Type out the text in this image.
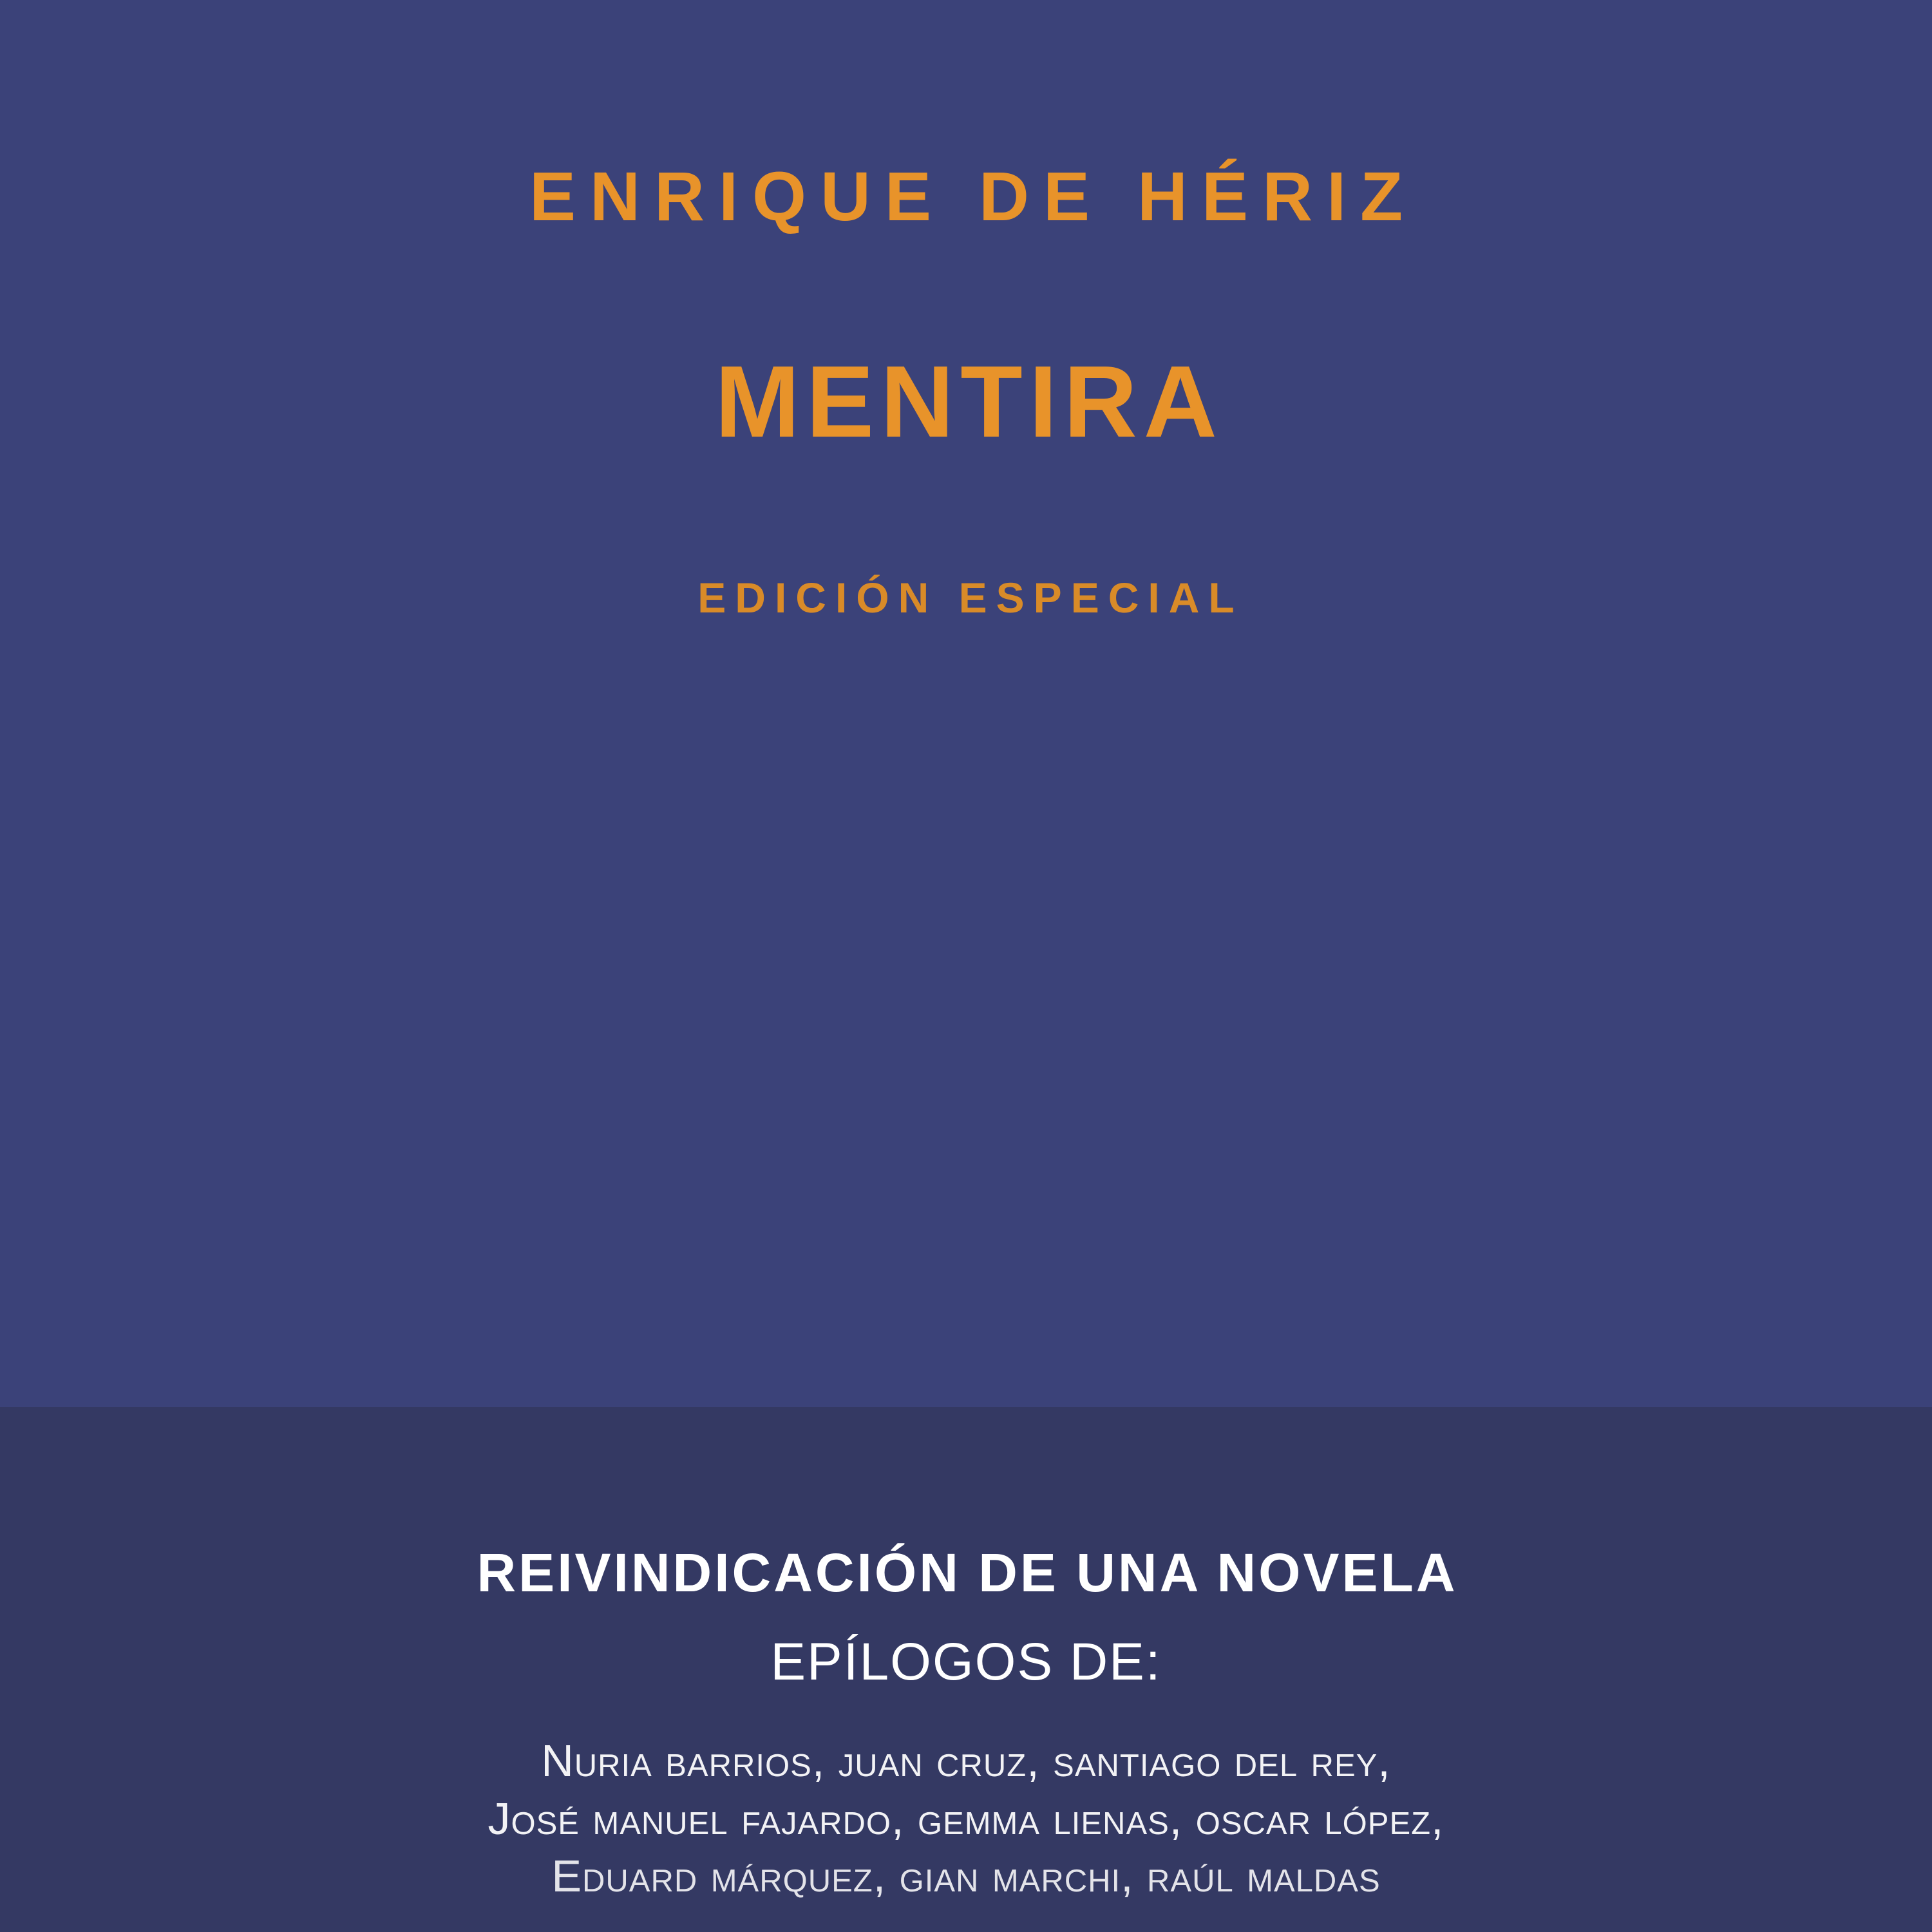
ENRIQUE DE HÉRIZ
MENTIRA
EDICIÓN ESPECIAL
REIVINDICACIÓN DE UNA NOVELA
EPÍLOGOS DE:
Nuria barrios, juan cruz, santiago del rey,
José manuel fajardo, gemma lienas, oscar lópez,
Eduard márquez, gian marchi, raúl maldas
